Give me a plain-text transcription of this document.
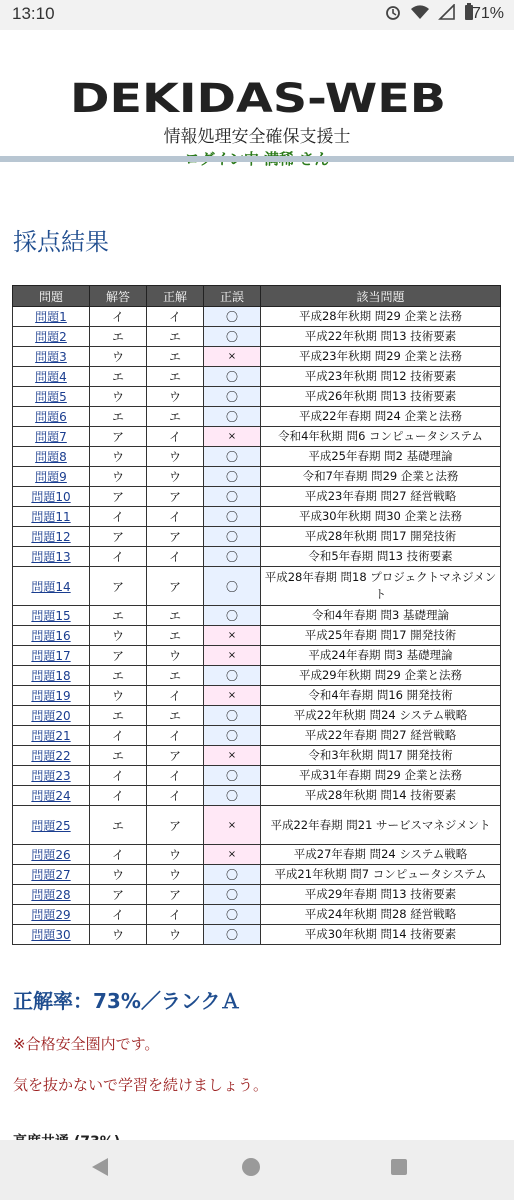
13:10	71%
DEKIDAS-WEB
情報処理安全確保支援士
採点結果
問題	解答	正解	正誤	該当問題
問題1	イ	イ	〇	平成28年秋期 問29 企業と法務
問題2	エ	エ	〇	平成22年秋期 問13 技術要素
問題3	ウ	エ	×	平成23年秋期 問29 企業と法務
問題4	エ	エ	〇	平成23年秋期 問12 技術要素
問題5	ウ	ウ	〇	平成26年秋期 問13 技術要素
問題6	エ	エ	〇	平成22年春期 問24 企業と法務
問題7	ア	イ	×	令和4年秋期 問6 コンピュータシステム
問題8	ウ	ウ	〇	平成25年春期 問2 基礎理論
問題9	ウ	ウ	〇	令和7年春期 問29 企業と法務
問題10	ア	ア	〇	平成23年春期 問27 経営戦略
問題11	イ	イ	〇	平成30年秋期 問30 企業と法務
問題12	ア	ア	〇	平成28年秋期 問17 開発技術
問題13	イ	イ	〇	令和5年春期 問13 技術要素
問題14	ア	ア	〇	平成28年春期 問18 プロジェクトマネジメント
問題15	エ	エ	〇	令和4年春期 問3 基礎理論
問題16	ウ	エ	×	平成25年春期 問17 開発技術
問題17	ア	ウ	×	平成24年春期 問3 基礎理論
問題18	エ	エ	〇	平成29年秋期 問29 企業と法務
問題19	ウ	イ	×	令和4年春期 問16 開発技術
問題20	エ	エ	〇	平成22年秋期 問24 システム戦略
問題21	イ	イ	〇	平成22年春期 問27 経営戦略
問題22	エ	ア	×	令和3年秋期 問17 開発技術
問題23	イ	イ	〇	平成31年春期 問29 企業と法務
問題24	イ	イ	〇	平成28年秋期 問14 技術要素
問題25	エ	ア	×	平成22年春期 問21 サービスマネジメント
問題26	イ	ウ	×	平成27年春期 問24 システム戦略
問題27	ウ	ウ	〇	平成21年秋期 問7 コンピュータシステム
問題28	ア	ア	〇	平成29年春期 問13 技術要素
問題29	イ	イ	〇	平成24年秋期 問28 経営戦略
問題30	ウ	ウ	〇	平成30年秋期 問14 技術要素
正解率：73%／ランクＡ
※合格安全圏内です。
気を抜かないで学習を続けましょう。
